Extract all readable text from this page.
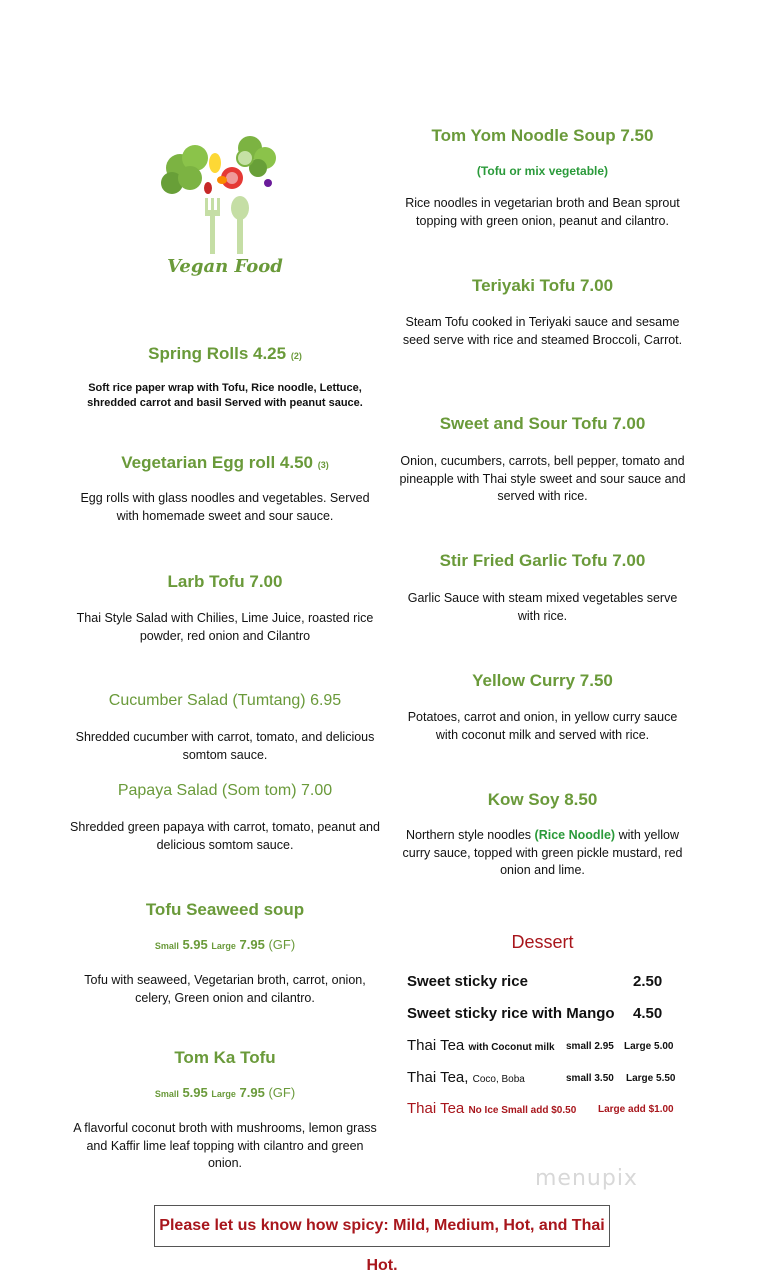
Vegan Food
Spring Rolls 4.25 (2)
Soft rice paper wrap with Tofu, Rice noodle, Lettuce, shredded carrot and basil Served with peanut sauce.
Vegetarian Egg roll 4.50 (3)
Egg rolls with glass noodles and vegetables. Served with homemade sweet and sour sauce.
Larb Tofu 7.00
Thai Style Salad with Chilies, Lime Juice, roasted rice powder, red onion and Cilantro
Cucumber Salad (Tumtang) 6.95
Shredded cucumber with carrot, tomato, and delicious somtom sauce.
Papaya Salad (Som tom) 7.00
Shredded green papaya with carrot, tomato, peanut and delicious somtom sauce.
Tofu Seaweed soup
Small 5.95 Large 7.95 (GF)
Tofu with seaweed, Vegetarian broth, carrot, onion, celery, Green onion and cilantro.
Tom Ka Tofu
Small 5.95 Large 7.95 (GF)
A flavorful coconut broth with mushrooms, lemon grass and Kaffir lime leaf topping with cilantro and green onion.
Tom Yom Noodle Soup 7.50
(Tofu or mix vegetable)
Rice noodles in vegetarian broth and Bean sprout topping with green onion, peanut and cilantro.
Teriyaki Tofu 7.00
Steam Tofu cooked in Teriyaki sauce and sesame seed serve with rice and steamed Broccoli, Carrot.
Sweet and Sour Tofu 7.00
Onion, cucumbers, carrots, bell pepper, tomato and pineapple with Thai style sweet and sour sauce and served with rice.
Stir Fried Garlic Tofu 7.00
Garlic Sauce with steam mixed vegetables serve with rice.
Yellow Curry 7.50
Potatoes, carrot and onion, in yellow curry sauce with coconut milk and served with rice.
Kow Soy 8.50
Northern style noodles (Rice Noodle) with yellow curry sauce, topped with green pickle mustard, red onion and lime.
Dessert
Sweet sticky rice	2.50
Sweet sticky rice with Mango 4.50
Thai Tea with Coconut milk small 2.95 Large 5.00
Thai Tea, Coco, Boba	small 3.50 Large 5.50
Thai Tea No Ice Small add $0.50 Large add $1.00
menupix
Please let us know how spicy: Mild, Medium, Hot, and Thai Hot.
